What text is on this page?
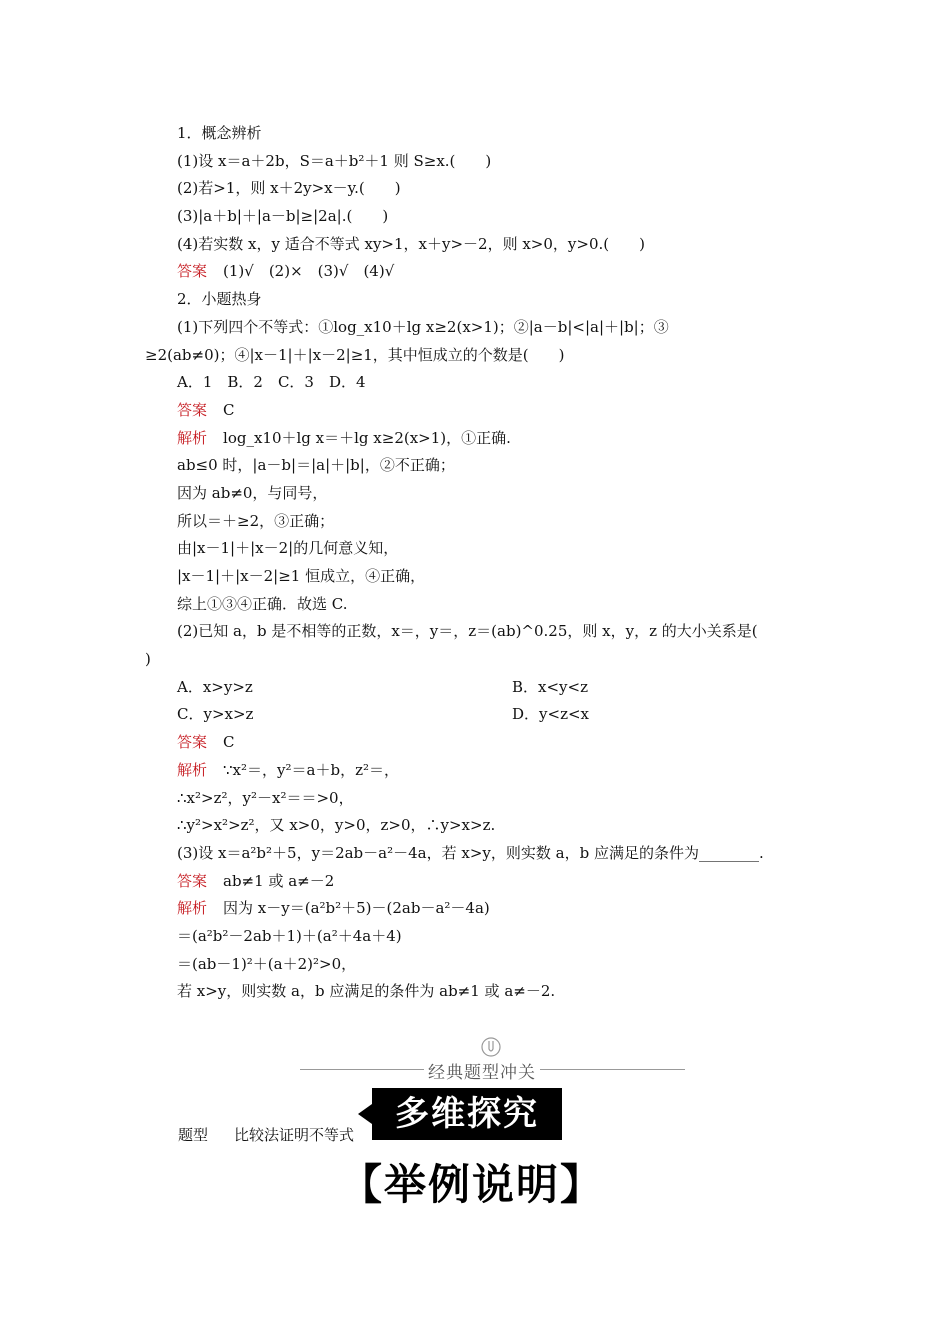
1．概念辨析
(1)设 x＝a＋2b，S＝a＋b²＋1 则 S≥x.(　　)
(2)若>1，则 x＋2y>x－y.(　　)
(3)|a＋b|＋|a－b|≥|2a|.(　　)
(4)若实数 x，y 适合不等式 xy>1，x＋y>－2，则 x>0，y>0.(　　)
答案 (1)√　(2)×　(3)√　(4)√
2．小题热身
(1)下列四个不等式：①log_x10＋lg x≥2(x>1)；②|a－b|<|a|＋|b|；③
≥2(ab≠0)；④|x－1|＋|x－2|≥1，其中恒成立的个数是(　　)
A．1　B．2　C．3　D．4
答案 C
解析 log_x10＋lg x＝＋lg x≥2(x>1)，①正确.
ab≤0 时，|a－b|＝|a|＋|b|，②不正确；
因为 ab≠0，与同号，
所以＝＋≥2，③正确；
由|x－1|＋|x－2|的几何意义知，
|x－1|＋|x－2|≥1 恒成立，④正确，
综上①③④正确．故选 C.
(2)已知 a，b 是不相等的正数，x＝，y＝，z＝(ab)^0.25，则 x，y，z 的大小关系是(
)
A．x>y>z	B．x<y<z
C．y>x>z	D．y<z<x
答案 C
解析 ∵x²＝，y²＝a＋b，z²＝，
∴x²>z²，y²－x²＝＝>0，
∴y²>x²>z²，又 x>0，y>0，z>0，∴y>x>z.
(3)设 x＝a²b²＋5，y＝2ab－a²－4a，若 x>y，则实数 a，b 应满足的条件为________.
答案 ab≠1 或 a≠－2
解析 因为 x－y＝(a²b²＋5)－(2ab－a²－4a)
＝(a²b²－2ab＋1)＋(a²＋4a＋4)
＝(ab－1)²＋(a＋2)²>0，
若 x>y，则实数 a，b 应满足的条件为 ab≠1 或 a≠－2.
经典题型冲关
多维探究
题型 比较法证明不等式
【举例说明】
